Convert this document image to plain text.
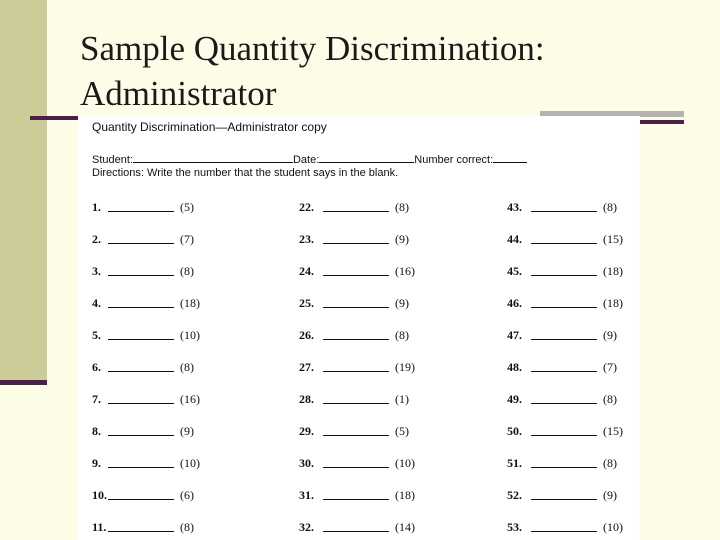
Sample Quantity Discrimination:
Administrator
Quantity Discrimination—Administrator copy
Student:	Date:	Number correct:
Directions: Write the number that the student says in the blank.
1.	(5)
2.	(7)
3.	(8)
4.	(18)
5.	(10)
6.	(8)
7.	(16)
8.	(9)
9.	(10)
10.	(6)
11.	(8)
22.	(8)
23.	(9)
24.	(16)
25.	(9)
26.	(8)
27.	(19)
28.	(1)
29.	(5)
30.	(10)
31.	(18)
32.	(14)
43.	(8)
44.	(15)
45.	(18)
46.	(18)
47.	(9)
48.	(7)
49.	(8)
50.	(15)
51.	(8)
52.	(9)
53.	(10)
